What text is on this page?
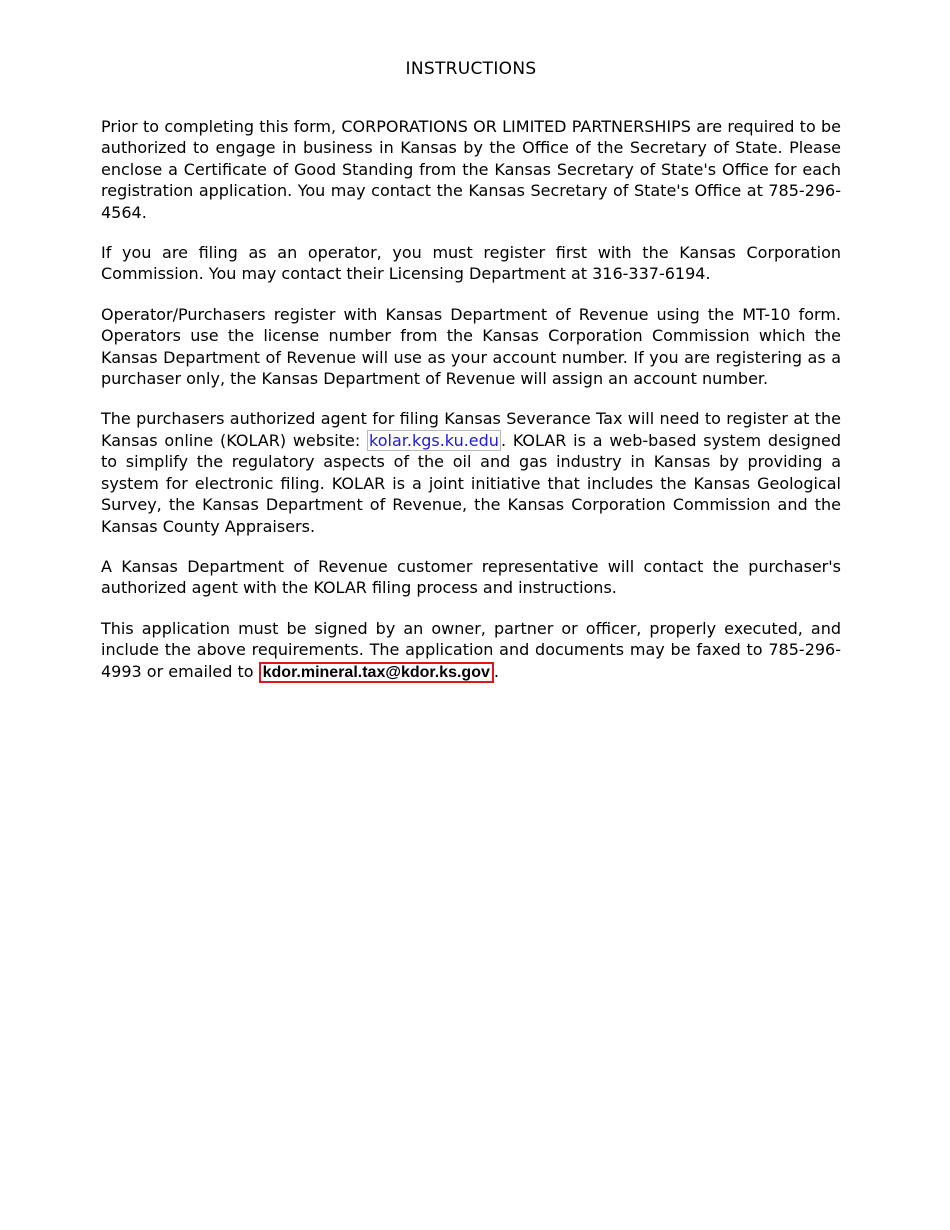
INSTRUCTIONS

Prior to completing this form, CORPORATIONS OR LIMITED PARTNERSHIPS are required to be authorized to engage in business in Kansas by the Office of the Secretary of State. Please enclose a Certificate of Good Standing from the Kansas Secretary of State's Office for each registration application. You may contact the Kansas Secretary of State's Office at 785-296-4564.

If you are filing as an operator, you must register first with the Kansas Corporation Commission. You may contact their Licensing Department at 316-337-6194.

Operator/Purchasers register with Kansas Department of Revenue using the MT-10 form. Operators use the license number from the Kansas Corporation Commission which the Kansas Department of Revenue will use as your account number. If you are registering as a purchaser only, the Kansas Department of Revenue will assign an account number.

The purchasers authorized agent for filing Kansas Severance Tax will need to register at the Kansas online (KOLAR) website: kolar.kgs.ku.edu . KOLAR is a web-based system designed to simplify the regulatory aspects of the oil and gas industry in Kansas by providing a system for electronic filing. KOLAR is a joint initiative that includes the Kansas Geological Survey, the Kansas Department of Revenue, the Kansas Corporation Commission and the Kansas County Appraisers.

A Kansas Department of Revenue customer representative will contact the purchaser's authorized agent with the KOLAR filing process and instructions.

This application must be signed by an owner, partner or officer, properly executed, and include the above requirements. The application and documents may be faxed to 785-296-4993 or emailed to kdor.mineral.tax@kdor.ks.gov .
